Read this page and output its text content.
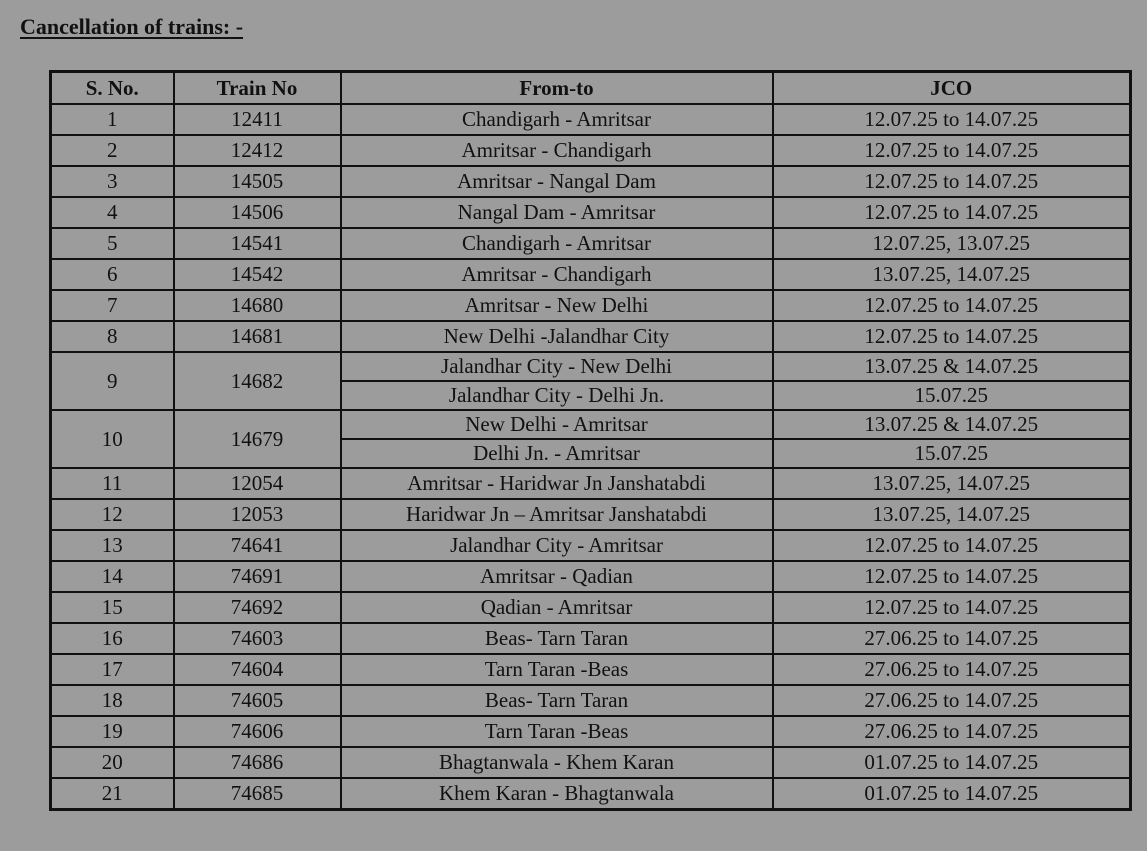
Cancellation of trains: -
S. No.	Train No	From-to	JCO
1	12411	Chandigarh - Amritsar	12.07.25 to 14.07.25
2	12412	Amritsar - Chandigarh	12.07.25 to 14.07.25
3	14505	Amritsar - Nangal Dam	12.07.25 to 14.07.25
4	14506	Nangal Dam - Amritsar	12.07.25 to 14.07.25
5	14541	Chandigarh - Amritsar	12.07.25, 13.07.25
6	14542	Amritsar - Chandigarh	13.07.25, 14.07.25
7	14680	Amritsar - New Delhi	12.07.25 to 14.07.25
8	14681	New Delhi -Jalandhar City	12.07.25 to 14.07.25
9	14682	Jalandhar City - New Delhi	13.07.25 & 14.07.25
		Jalandhar City - Delhi Jn.	15.07.25
10	14679	New Delhi - Amritsar	13.07.25 & 14.07.25
		Delhi Jn. - Amritsar	15.07.25
11	12054	Amritsar - Haridwar Jn Janshatabdi	13.07.25, 14.07.25
12	12053	Haridwar Jn – Amritsar Janshatabdi	13.07.25, 14.07.25
13	74641	Jalandhar City - Amritsar	12.07.25 to 14.07.25
14	74691	Amritsar - Qadian	12.07.25 to 14.07.25
15	74692	Qadian - Amritsar	12.07.25 to 14.07.25
16	74603	Beas- Tarn Taran	27.06.25 to 14.07.25
17	74604	Tarn Taran -Beas	27.06.25 to 14.07.25
18	74605	Beas- Tarn Taran	27.06.25 to 14.07.25
19	74606	Tarn Taran -Beas	27.06.25 to 14.07.25
20	74686	Bhagtanwala - Khem Karan	01.07.25 to 14.07.25
21	74685	Khem Karan - Bhagtanwala	01.07.25 to 14.07.25
